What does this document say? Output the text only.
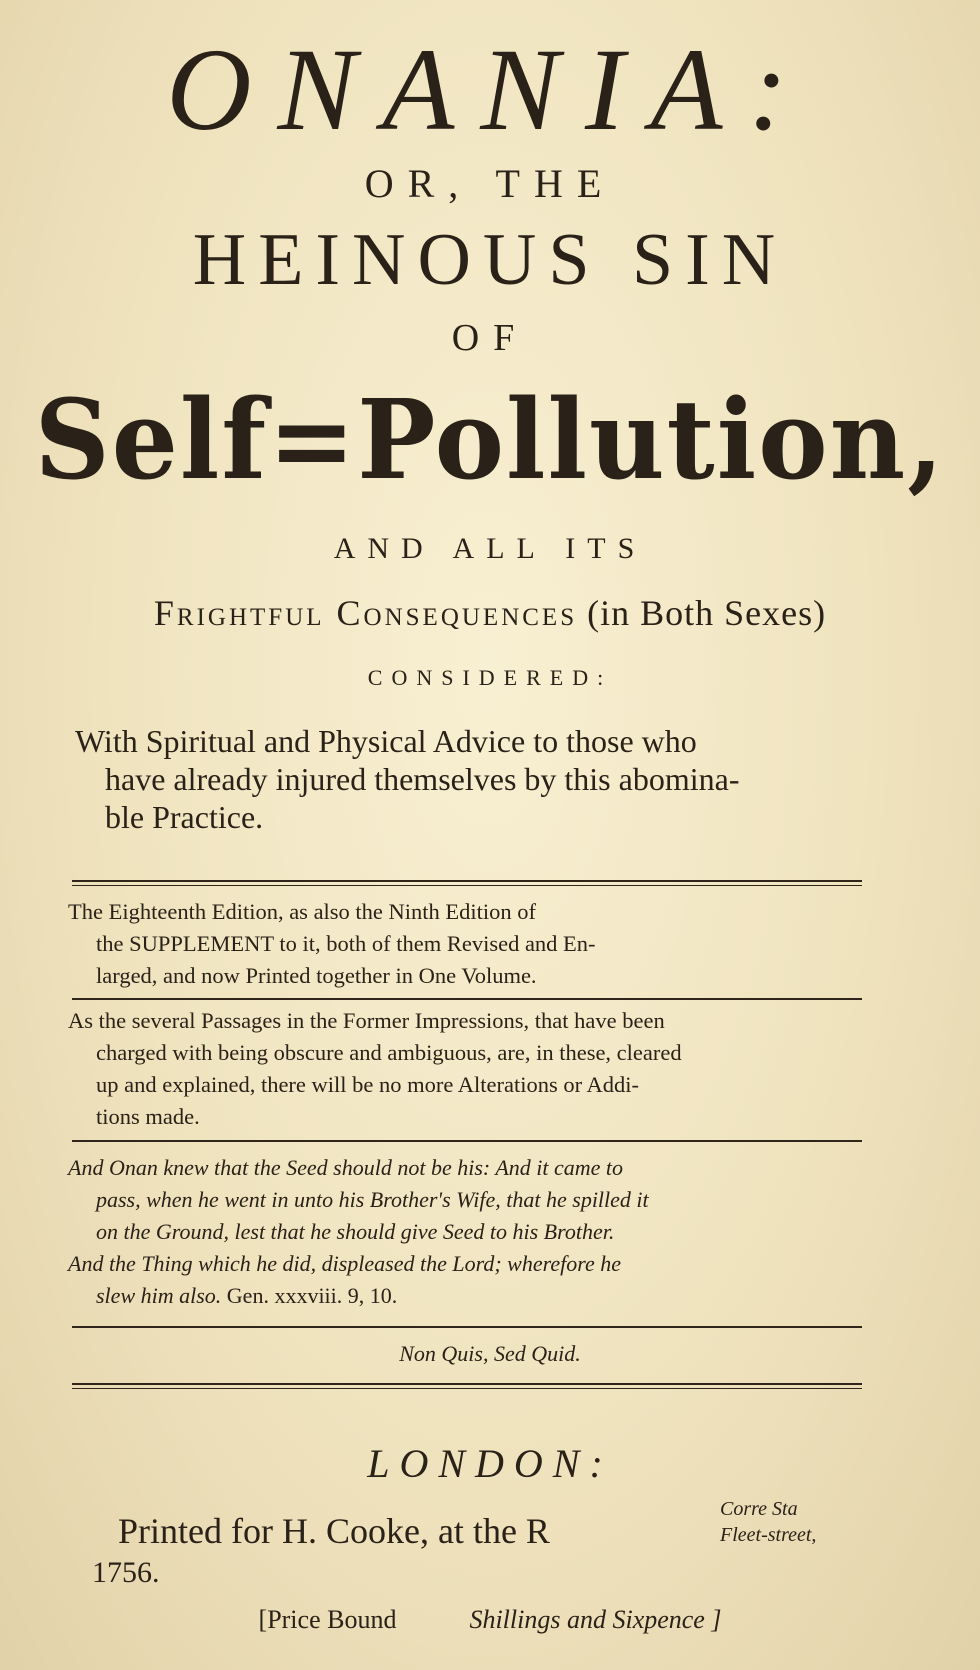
ONANIA:
OR, THE
HEINOUS SIN
OF
Self=Pollution,
AND ALL ITS
Frightful Consequences (in Both Sexes)
CONSIDERED:
With Spiritual and Physical Advice to those who
have already injured themselves by this abomina-
ble Practice.
The Eighteenth Edition, as also the Ninth Edition of
the SUPPLEMENT to it, both of them Revised and En-
larged, and now Printed together in One Volume.
As the several Passages in the Former Impressions, that have been
charged with being obscure and ambiguous, are, in these, cleared
up and explained, there will be no more Alterations or Addi-
tions made.
And Onan knew that the Seed should not be his: And it came to
pass, when he went in unto his Brother's Wife, that he spilled it
on the Ground, lest that he should give Seed to his Brother.
And the Thing which he did, displeased the Lord; wherefore he
slew him also. Gen. xxxviii. 9, 10.
Non Quis, Sed Quid.
LONDON:
Printed for H. Cooke, at the R
Corre Sta
Fleet-street,
1756.
[Price Bound	Shillings and Sixpence ]
